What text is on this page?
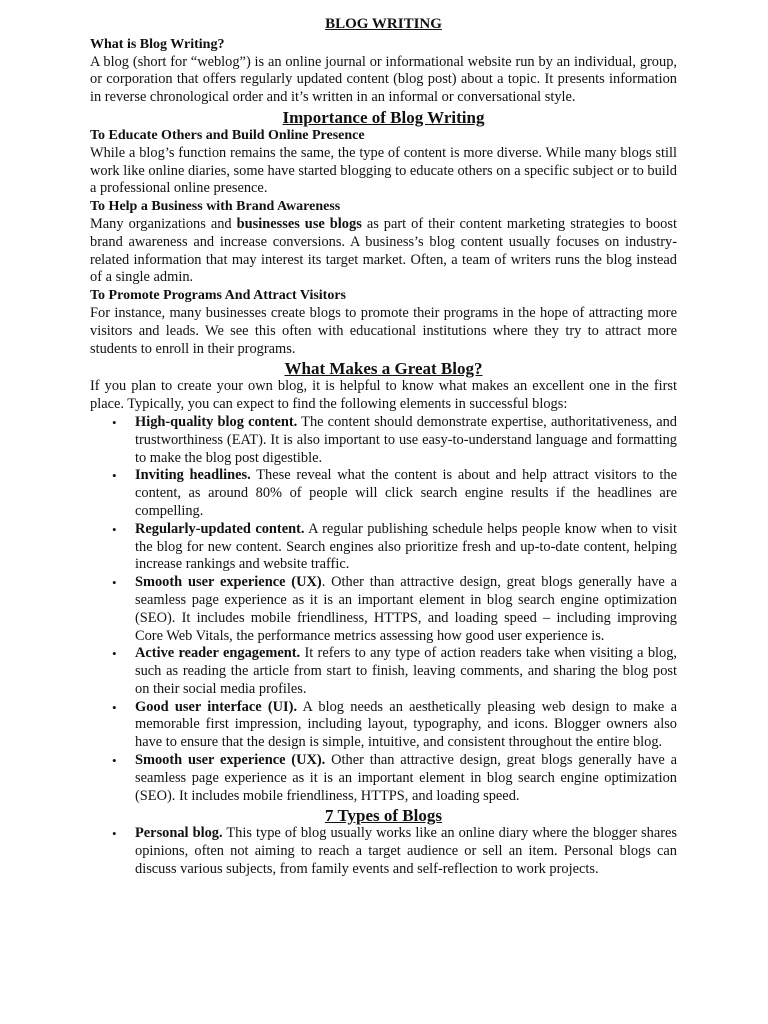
BLOG WRITING
What is Blog Writing?

A blog (short for “weblog”) is an online journal or informational website run by an individual, group, or corporation that offers regularly updated content (blog post) about a topic. It presents information in reverse chronological order and it’s written in an informal or conversational style.

Importance of Blog Writing
To Educate Others and Build Online Presence

While a blog’s function remains the same, the type of content is more diverse. While many blogs still work like online diaries, some have started blogging to educate others on a specific subject or to build a professional online presence.

To Help a Business with Brand Awareness

Many organizations and businesses use blogs as part of their content marketing strategies to boost brand awareness and increase conversions. A business’s blog content usually focuses on industry-related information that may interest its target market. Often, a team of writers runs the blog instead of a single admin.

To Promote Programs And Attract Visitors

For instance, many businesses create blogs to promote their programs in the hope of attracting more visitors and leads. We see this often with educational institutions where they try to attract more students to enroll in their programs.

What Makes a Great Blog?

If you plan to create your own blog, it is helpful to know what makes an excellent one in the first place. Typically, you can expect to find the following elements in successful blogs:

• High-quality blog content. The content should demonstrate expertise, authoritativeness, and trustworthiness (EAT). It is also important to use easy-to-understand language and formatting to make the blog post digestible.
• Inviting headlines. These reveal what the content is about and help attract visitors to the content, as around 80% of people will click search engine results if the headlines are compelling.
• Regularly-updated content. A regular publishing schedule helps people know when to visit the blog for new content. Search engines also prioritize fresh and up-to-date content, helping increase rankings and website traffic.
• Smooth user experience (UX). Other than attractive design, great blogs generally have a seamless page experience as it is an important element in blog search engine optimization (SEO). It includes mobile friendliness, HTTPS, and loading speed – including improving Core Web Vitals, the performance metrics assessing how good user experience is.
• Active reader engagement. It refers to any type of action readers take when visiting a blog, such as reading the article from start to finish, leaving comments, and sharing the blog post on their social media profiles.
• Good user interface (UI). A blog needs an aesthetically pleasing web design to make a memorable first impression, including layout, typography, and icons. Blogger owners also have to ensure that the design is simple, intuitive, and consistent throughout the entire blog.
• Smooth user experience (UX). Other than attractive design, great blogs generally have a seamless page experience as it is an important element in blog search engine optimization (SEO). It includes mobile friendliness, HTTPS, and loading speed.
7 Types of Blogs
• Personal blog. This type of blog usually works like an online diary where the blogger shares opinions, often not aiming to reach a target audience or sell an item. Personal blogs can discuss various subjects, from family events and self-reflection to work projects.
